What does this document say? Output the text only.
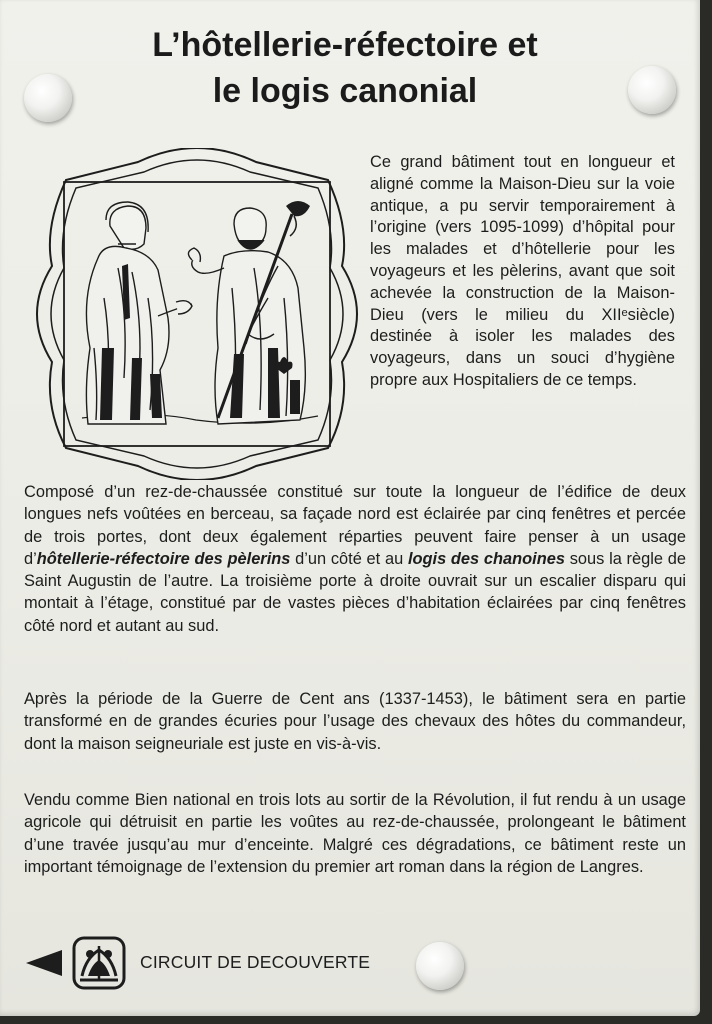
L’hôtellerie-réfectoire et
le logis canonial

Ce grand bâtiment tout en longueur et aligné comme la Maison-Dieu sur la voie antique, a pu servir temporairement à l’origine (vers 1095-1099) d’hôpital pour les malades et d’hôtellerie pour les voyageurs et les pèlerins, avant que soit achevée la construction de la Maison-Dieu (vers le milieu du XIIᵉsiècle) destinée à isoler les malades des voyageurs, dans un souci d’hygiène propre aux Hospitaliers de ce temps.

Composé d’un rez-de-chaussée constitué sur toute la longueur de l’édifice de deux longues nefs voûtées en berceau, sa façade nord est éclairée par cinq fenêtres et percée de trois portes, dont deux également réparties peuvent faire penser à un usage d’hôtellerie-réfectoire des pèlerins d’un côté et au logis des chanoines sous la règle de Saint Augustin de l’autre. La troisième porte à droite ouvrait sur un escalier disparu qui montait à l’étage, constitué par de vastes pièces d’habitation éclairées par cinq fenêtres côté nord et autant au sud.

Après la période de la Guerre de Cent ans (1337-1453), le bâtiment sera en partie transformé en de grandes écuries pour l’usage des chevaux des hôtes du commandeur, dont la maison seigneuriale est juste en vis-à-vis.

Vendu comme Bien national en trois lots au sortir de la Révolution, il fut rendu à un usage agricole qui détruisit en partie les voûtes au rez-de-chaussée, prolongeant le bâtiment d’une travée jusqu’au mur d’enceinte. Malgré ces dégradations, ce bâtiment reste un important témoignage de l’extension du premier art roman dans la région de Langres.

CIRCUIT DE DECOUVERTE
